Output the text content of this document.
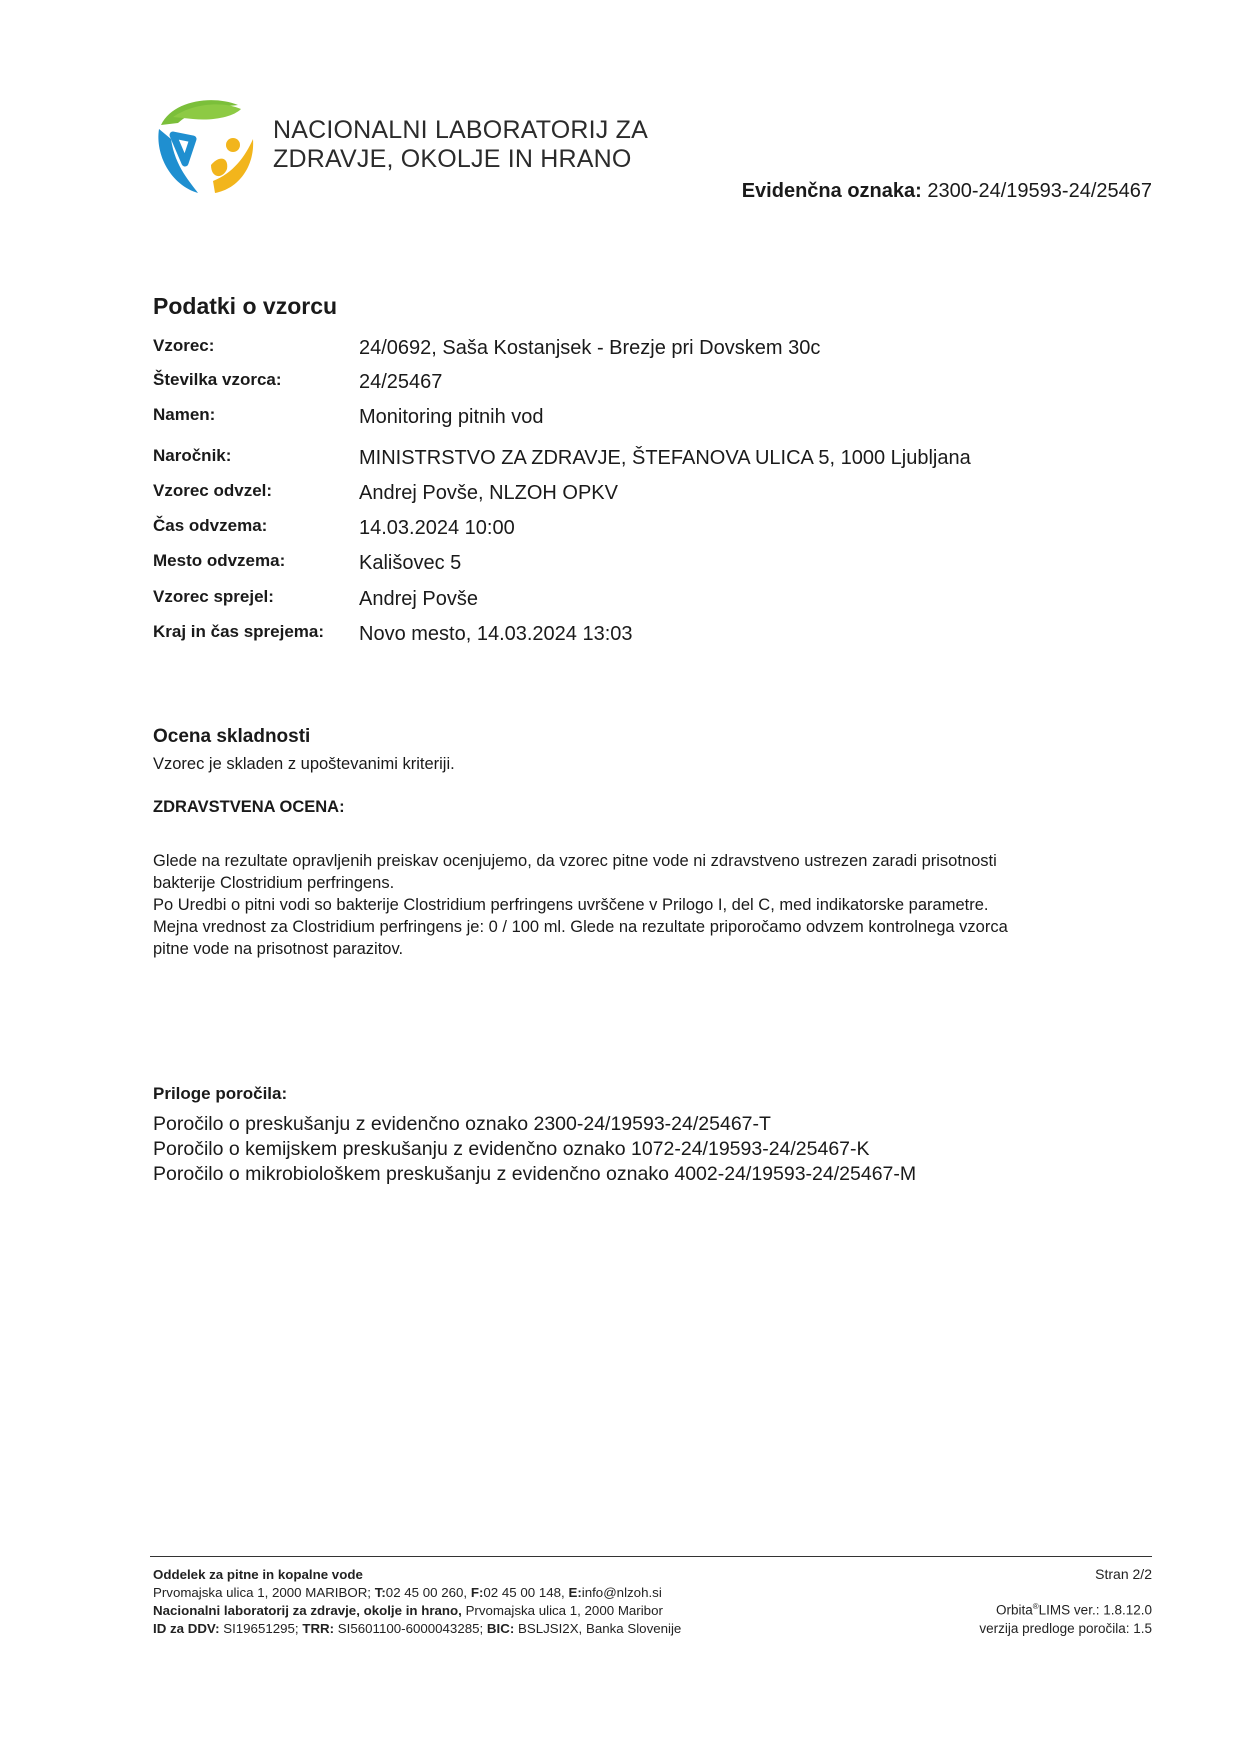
NACIONALNI LABORATORIJ ZA
ZDRAVJE, OKOLJE IN HRANO
Evidenčna oznaka: 2300-24/19593-24/25467
Podatki o vzorcu
Vzorec:	24/0692, Saša Kostanjsek - Brezje pri Dovskem 30c
Številka vzorca:	24/25467
Namen:	Monitoring pitnih vod
Naročnik:	MINISTRSTVO ZA ZDRAVJE, ŠTEFANOVA ULICA 5, 1000 Ljubljana
Vzorec odvzel:	Andrej Povše, NLZOH OPKV
Čas odvzema:	14.03.2024 10:00
Mesto odvzema:	Kališovec 5
Vzorec sprejel:	Andrej Povše
Kraj in čas sprejema: Novo mesto, 14.03.2024 13:03
Ocena skladnosti
Vzorec je skladen z upoštevanimi kriteriji.
ZDRAVSTVENA OCENA:

Glede na rezultate opravljenih preiskav ocenjujemo, da vzorec pitne vode ni zdravstveno ustrezen zaradi prisotnosti

bakterije Clostridium perfringens.

Po Uredbi o pitni vodi so bakterije Clostridium perfringens uvrščene v Prilogo I, del C, med indikatorske parametre.

Mejna vrednost za Clostridium perfringens je: 0 / 100 ml. Glede na rezultate priporočamo odvzem kontrolnega vzorca

pitne vode na prisotnost parazitov.

Priloge poročila:
Poročilo o preskušanju z evidenčno oznako 2300-24/19593-24/25467-T
Poročilo o kemijskem preskušanju z evidenčno oznako 1072-24/19593-24/25467-K
Poročilo o mikrobiološkem preskušanju z evidenčno oznako 4002-24/19593-24/25467-M
Oddelek za pitne in kopalne vode
Prvomajska ulica 1, 2000 MARIBOR; T:02 45 00 260, F:02 45 00 148, E:info@nlzoh.si
Nacionalni laboratorij za zdravje, okolje in hrano, Prvomajska ulica 1, 2000 Maribor
ID za DDV: SI19651295; TRR: SI5601100-6000043285; BIC: BSLJSI2X, Banka Slovenije
Stran 2/2
Orbita®LIMS ver.: 1.8.12.0
verzija predloge poročila: 1.5
